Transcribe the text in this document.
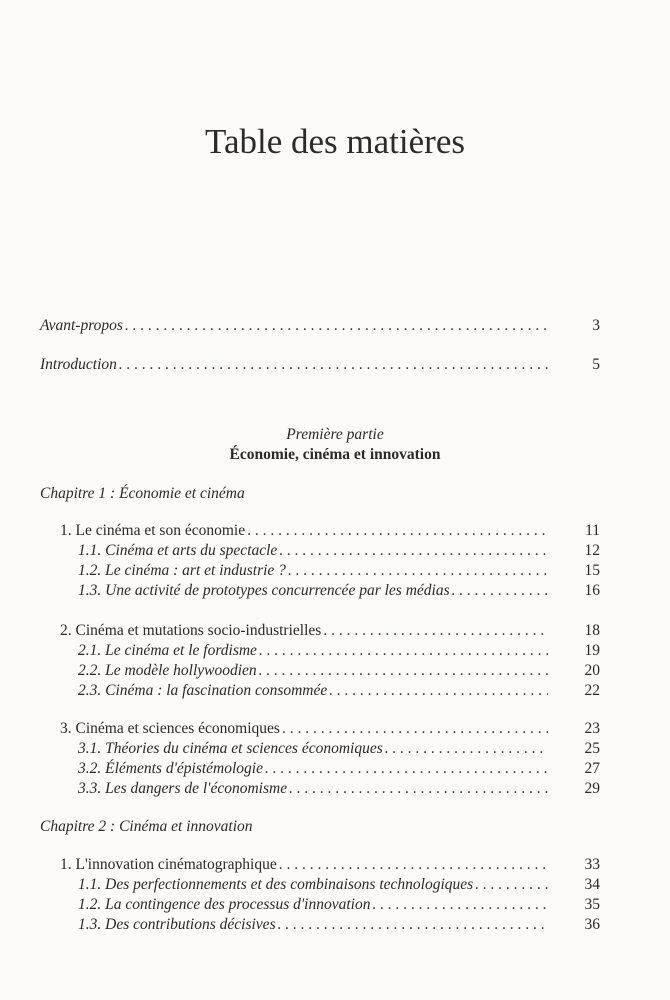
Table des matières
Avant-propos . . .	3
Introduction . . .	5
Première partie
Économie, cinéma et innovation
Chapitre 1 : Économie et cinéma
1. Le cinéma et son économie . . .	11
1.1. Cinéma et arts du spectacle . . .	12
1.2. Le cinéma : art et industrie ? . . .	15
1.3. Une activité de prototypes concurrencée par les médias . . .	16
2. Cinéma et mutations socio-industrielles . . .	18
2.1. Le cinéma et le fordisme . . .	19
2.2. Le modèle hollywoodien . . .	20
2.3. Cinéma : la fascination consommée . . .	22
3. Cinéma et sciences économiques . . .	23
3.1. Théories du cinéma et sciences économiques . . .	25
3.2. Éléments d'épistémologie . . .	27
3.3. Les dangers de l'économisme . . .	29
Chapitre 2 : Cinéma et innovation
1. L'innovation cinématographique . . .	33
1.1. Des perfectionnements et des combinaisons technologiques . . .	34
1.2. La contingence des processus d'innovation . . .	35
1.3. Des contributions décisives . . .	36
